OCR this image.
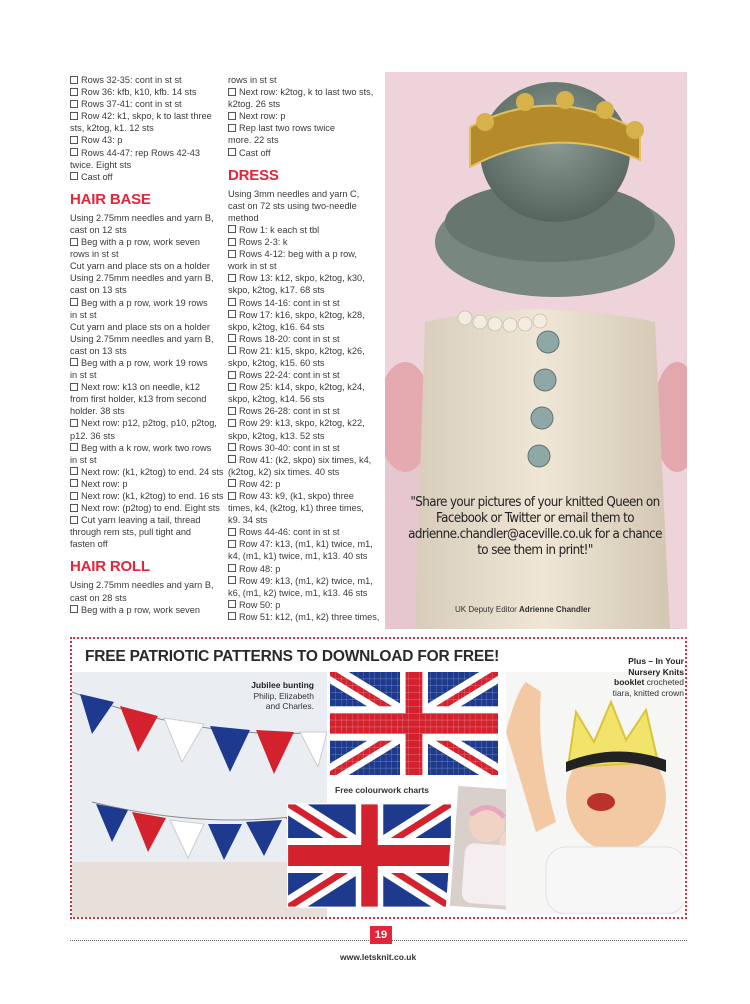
Rows 32-35: cont in st st
Row 36: kfb, k10, kfb. 14 sts
Rows 37-41: cont in st st
Row 42: k1, skpo, k to last three
sts, k2tog, k1. 12 sts
Row 43: p
Rows 44-47: rep Rows 42-43
twice. Eight sts
Cast off
HAIR BASE
Using 2.75mm needles and yarn B,
cast on 12 sts
Beg with a p row, work seven
rows in st st
Cut yarn and place sts on a holder
Using 2.75mm needles and yarn B,
cast on 13 sts
Beg with a p row, work 19 rows
in st st
Cut yarn and place sts on a holder
Using 2.75mm needles and yarn B,
cast on 13 sts
Beg with a p row, work 19 rows
in st st
Next row: k13 on needle, k12
from first holder, k13 from second
holder. 38 sts
Next row: p12, p2tog, p10, p2tog,
p12. 36 sts
Beg with a k row, work two rows
in st st
Next row: (k1, k2tog) to end. 24 sts
Next row: p
Next row: (k1, k2tog) to end. 16 sts
Next row: (p2tog) to end. Eight sts
Cut yarn leaving a tail, thread
through rem sts, pull tight and
fasten off
HAIR ROLL
Using 2.75mm needles and yarn B,
cast on 28 sts
Beg with a p row, work seven
rows in st st
Next row: k2tog, k to last two sts,
k2tog. 26 sts
Next row: p
Rep last two rows twice
more. 22 sts
Cast off
DRESS
Using 3mm needles and yarn C,
cast on 72 sts using two-needle
method
Row 1: k each st tbl
Rows 2-3: k
Rows 4-12: beg with a p row,
work in st st
Row 13: k12, skpo, k2tog, k30,
skpo, k2tog, k17. 68 sts
Rows 14-16: cont in st st
Row 17: k16, skpo, k2tog, k28,
skpo, k2tog, k16. 64 sts
Rows 18-20: cont in st st
Row 21: k15, skpo, k2tog, k26,
skpo, k2tog, k15. 60 sts
Rows 22-24: cont in st st
Row 25: k14, skpo, k2tog, k24,
skpo, k2tog, k14. 56 sts
Rows 26-28: cont in st st
Row 29: k13, skpo, k2tog, k22,
skpo, k2tog, k13. 52 sts
Rows 30-40: cont in st st
Row 41: (k2, skpo) six times, k4,
(k2tog, k2) six times. 40 sts
Row 42: p
Row 43: k9, (k1, skpo) three
times, k4, (k2tog, k1) three times,
k9. 34 sts
Rows 44-46: cont in st st
Row 47: k13, (m1, k1) twice, m1,
k4, (m1, k1) twice, m1, k13. 40 sts
Row 48: p
Row 49: k13, (m1, k2) twice, m1,
k6, (m1, k2) twice, m1, k13. 46 sts
Row 50: p
Row 51: k12, (m1, k2) three times,
"Share your pictures of your knitted Queen on Facebook or Twitter or email them to adrienne.chandler@aceville.co.uk for a chance to see them in print!"
UK Deputy Editor Adrienne Chandler
FREE PATRIOTIC PATTERNS TO DOWNLOAD FOR FREE!
Jubilee bunting Philip, Elizabeth and Charles.
Free colourwork charts
Plus – In Your Nursery Knits booklet crocheted tiara, knitted crown
19
www.letsknit.co.uk
